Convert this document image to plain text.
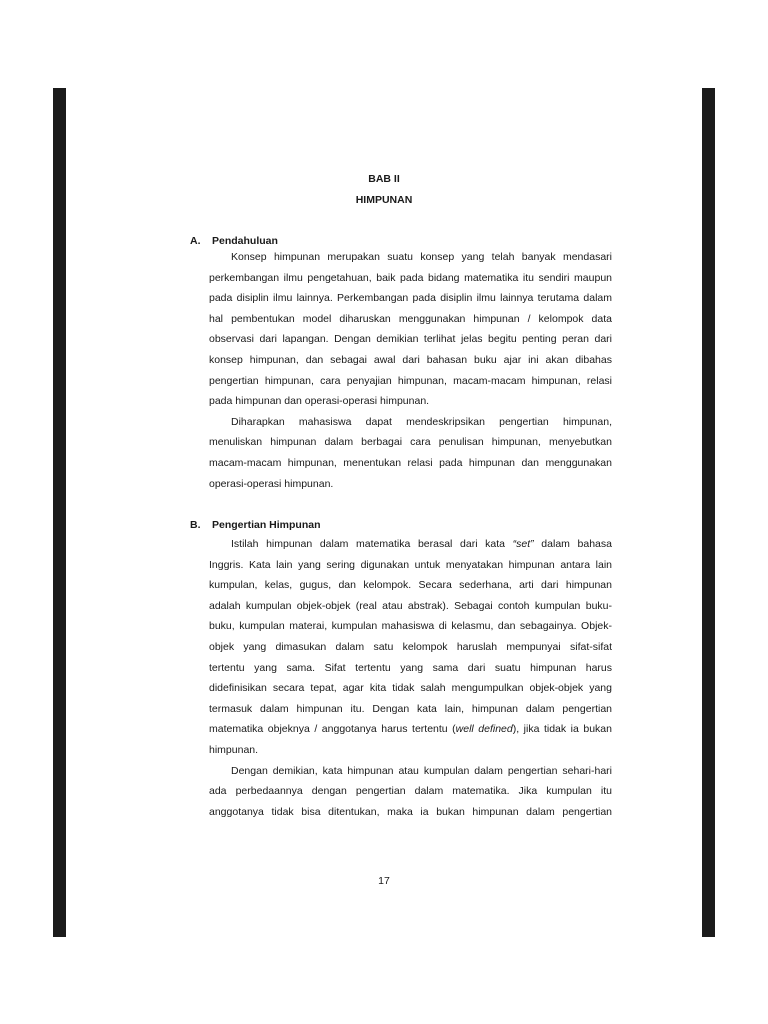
BAB II
HIMPUNAN
A. Pendahuluan
Konsep himpunan merupakan suatu konsep yang telah banyak mendasari
perkembangan ilmu pengetahuan, baik pada bidang matematika itu sendiri maupun
pada disiplin ilmu lainnya. Perkembangan pada disiplin ilmu lainnya terutama dalam
hal pembentukan model diharuskan menggunakan himpunan / kelompok data
observasi dari lapangan. Dengan demikian terlihat jelas begitu penting peran dari
konsep himpunan, dan sebagai awal dari bahasan buku ajar ini akan dibahas
pengertian himpunan, cara penyajian himpunan, macam-macam himpunan, relasi
pada himpunan dan operasi-operasi himpunan.
Diharapkan mahasiswa dapat mendeskripsikan pengertian himpunan,
menuliskan himpunan dalam berbagai cara penulisan himpunan, menyebutkan
macam-macam himpunan, menentukan relasi pada himpunan dan menggunakan
operasi-operasi himpunan.
B. Pengertian Himpunan
Istilah himpunan dalam matematika berasal dari kata “set” dalam bahasa
Inggris. Kata lain yang sering digunakan untuk menyatakan himpunan antara lain
kumpulan, kelas, gugus, dan kelompok. Secara sederhana, arti dari himpunan
adalah kumpulan objek-objek (real atau abstrak). Sebagai contoh kumpulan buku-
buku, kumpulan materai, kumpulan mahasiswa di kelasmu, dan sebagainya. Objek-
objek yang dimasukan dalam satu kelompok haruslah mempunyai sifat-sifat
tertentu yang sama. Sifat tertentu yang sama dari suatu himpunan harus
didefinisikan secara tepat, agar kita tidak salah mengumpulkan objek-objek yang
termasuk dalam himpunan itu. Dengan kata lain, himpunan dalam pengertian
matematika objeknya / anggotanya harus tertentu (well defined), jika tidak ia bukan
himpunan.
Dengan demikian, kata himpunan atau kumpulan dalam pengertian sehari-hari
ada perbedaannya dengan pengertian dalam matematika. Jika kumpulan itu
anggotanya tidak bisa ditentukan, maka ia bukan himpunan dalam pengertian
17
